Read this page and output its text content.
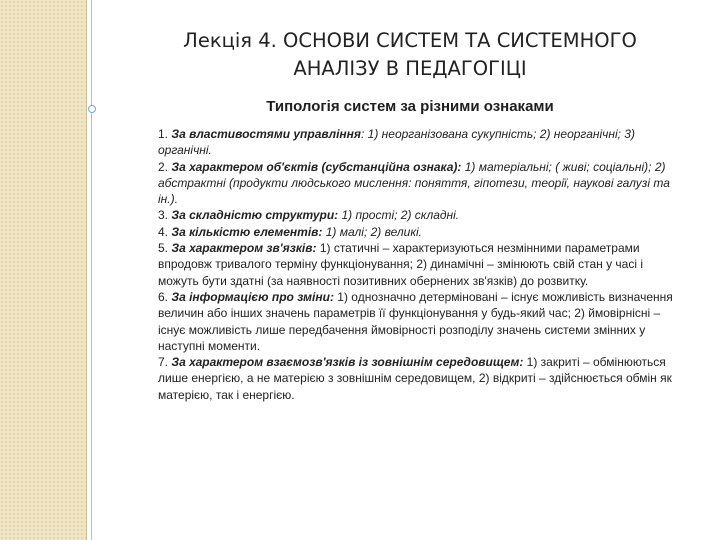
Лекція 4. ОСНОВИ СИСТЕМ ТА СИСТЕМНОГО
АНАЛІЗУ В ПЕДАГОГІЦІ
Типологія систем за різними ознаками

1. За властивостями управління: 1) неорганізована сукупність; 2) неорганічні; 3) органічні.

2. За характером об'єктів (субстанційна ознака): 1) матеріальні; ( живі; соціальні); 2) абстрактні (продукти людського мислення: поняття, гіпотези, теорії, наукові галузі та ін.).

3. За складністю структури: 1) прості; 2) складні.

4. За кількістю елементів: 1) малі; 2) великі.

5. За характером зв'язків: 1) статичні – характеризуються незмінними параметрами впродовж тривалого терміну функціонування; 2) динамічні – змінюють свій стан у часі і можуть бути здатні (за наявності позитивних обернених зв'язків) до розвитку.

6. За інформацією про зміни: 1) однозначно детерміновані – існує можливість визначення величин або інших значень параметрів її функціонування у будь-який час; 2) ймовірнісні – існує можливість лише передбачення ймовірності розподілу значень системи змінних у наступні моменти.

7. За характером взаємозв'язків із зовнішнім середовищем: 1) закриті – обмінюються лише енергією, а не матерією з зовнішнім середовищем, 2) відкриті – здійснюється обмін як матерією, так і енергією.
